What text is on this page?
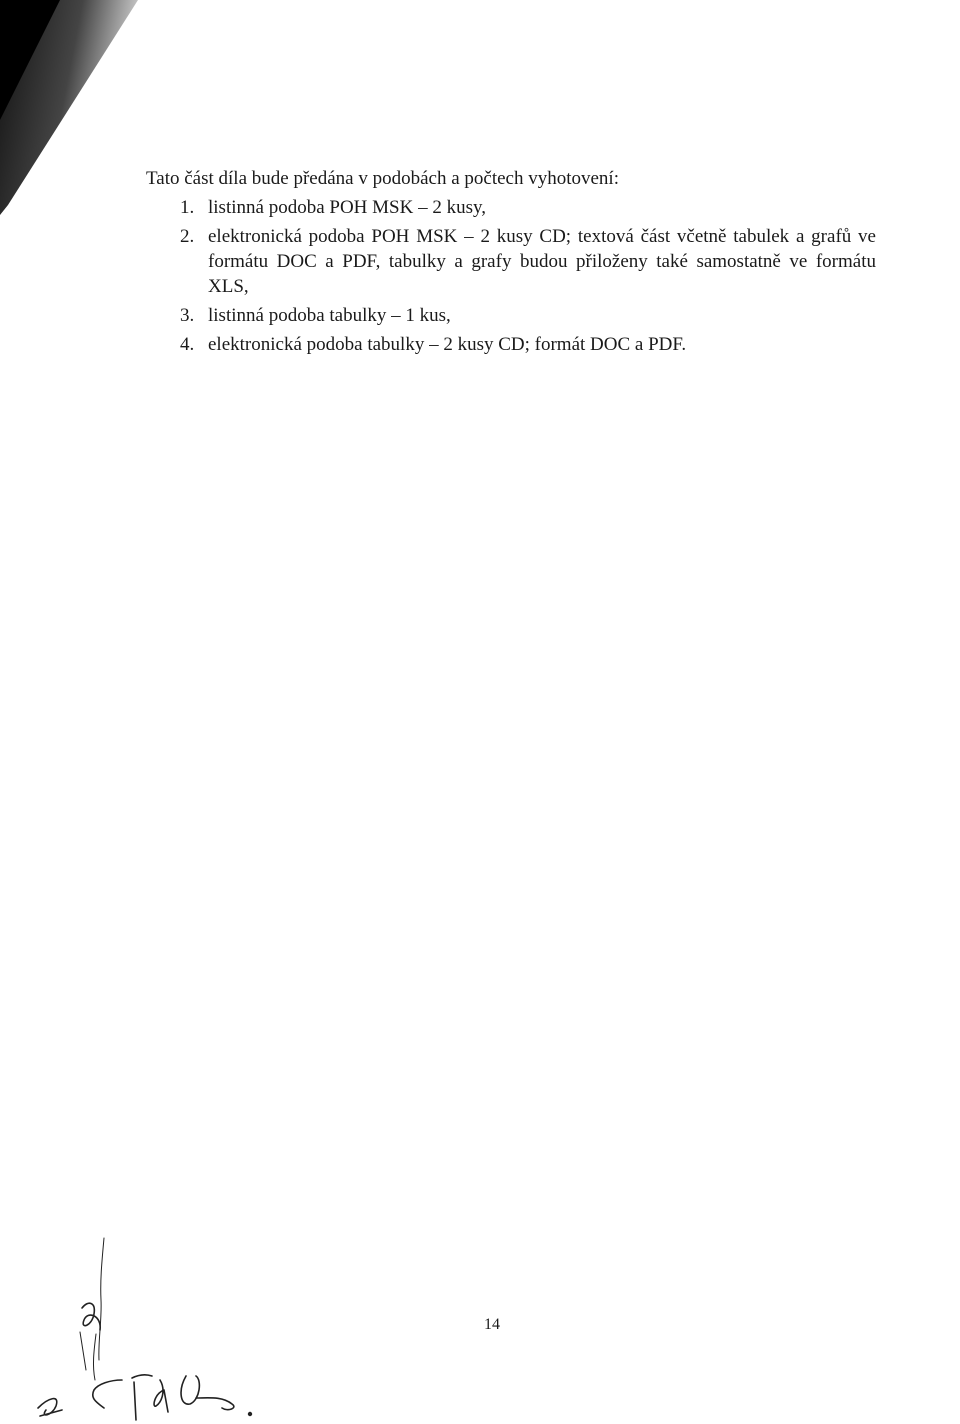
Tato část díla bude předána v podobách a počtech vyhotovení:

1. listinná podoba POH MSK – 2 kusy,
2. elektronická podoba POH MSK – 2 kusy CD; textová část včetně tabulek a grafů ve formátu DOC a PDF, tabulky a grafy budou přiloženy také samostatně ve formátu XLS,
3. listinná podoba tabulky – 1 kus,
4. elektronická podoba tabulky – 2 kusy CD; formát DOC a PDF.
14
